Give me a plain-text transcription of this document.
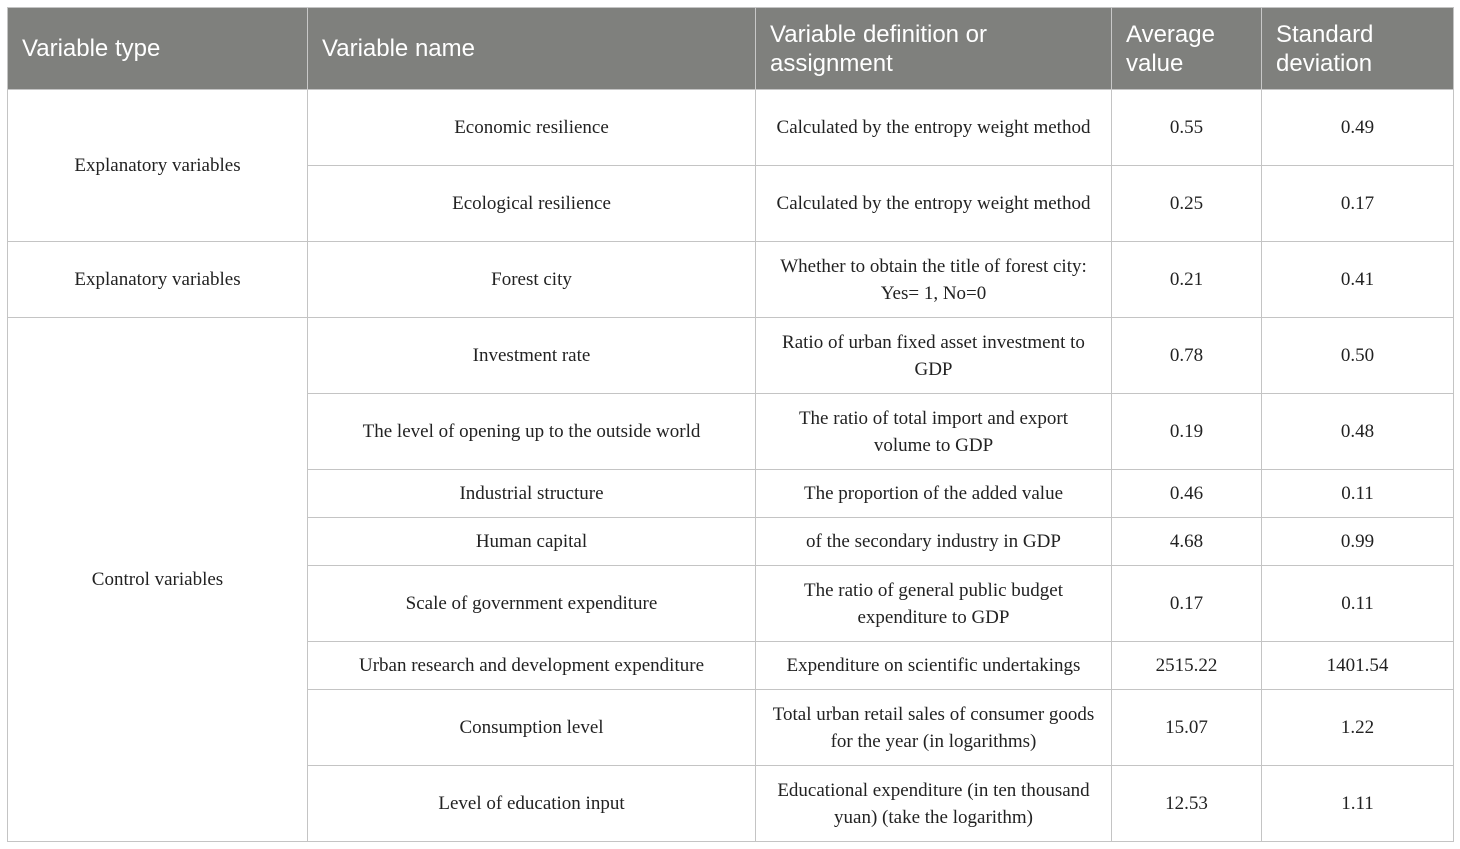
Variable type	Variable name	Variable definition or assignment	Average value	Standard deviation
Explanatory variables	Economic resilience	Calculated by the entropy weight method	0.55	0.49
	Ecological resilience	Calculated by the entropy weight method	0.25	0.17
Explanatory variables	Forest city	Whether to obtain the title of forest city: Yes= 1, No=0	0.21	0.41
Control variables	Investment rate	Ratio of urban fixed asset investment to GDP	0.78	0.50
	The level of opening up to the outside world	The ratio of total import and export volume to GDP	0.19	0.48
	Industrial structure	The proportion of the added value	0.46	0.11
	Human capital	of the secondary industry in GDP	4.68	0.99
	Scale of government expenditure	The ratio of general public budget expenditure to GDP	0.17	0.11
	Urban research and development expenditure	Expenditure on scientific undertakings	2515.22	1401.54
	Consumption level	Total urban retail sales of consumer goods for the year (in logarithms)	15.07	1.22
	Level of education input	Educational expenditure (in ten thousand yuan) (take the logarithm)	12.53	1.11
